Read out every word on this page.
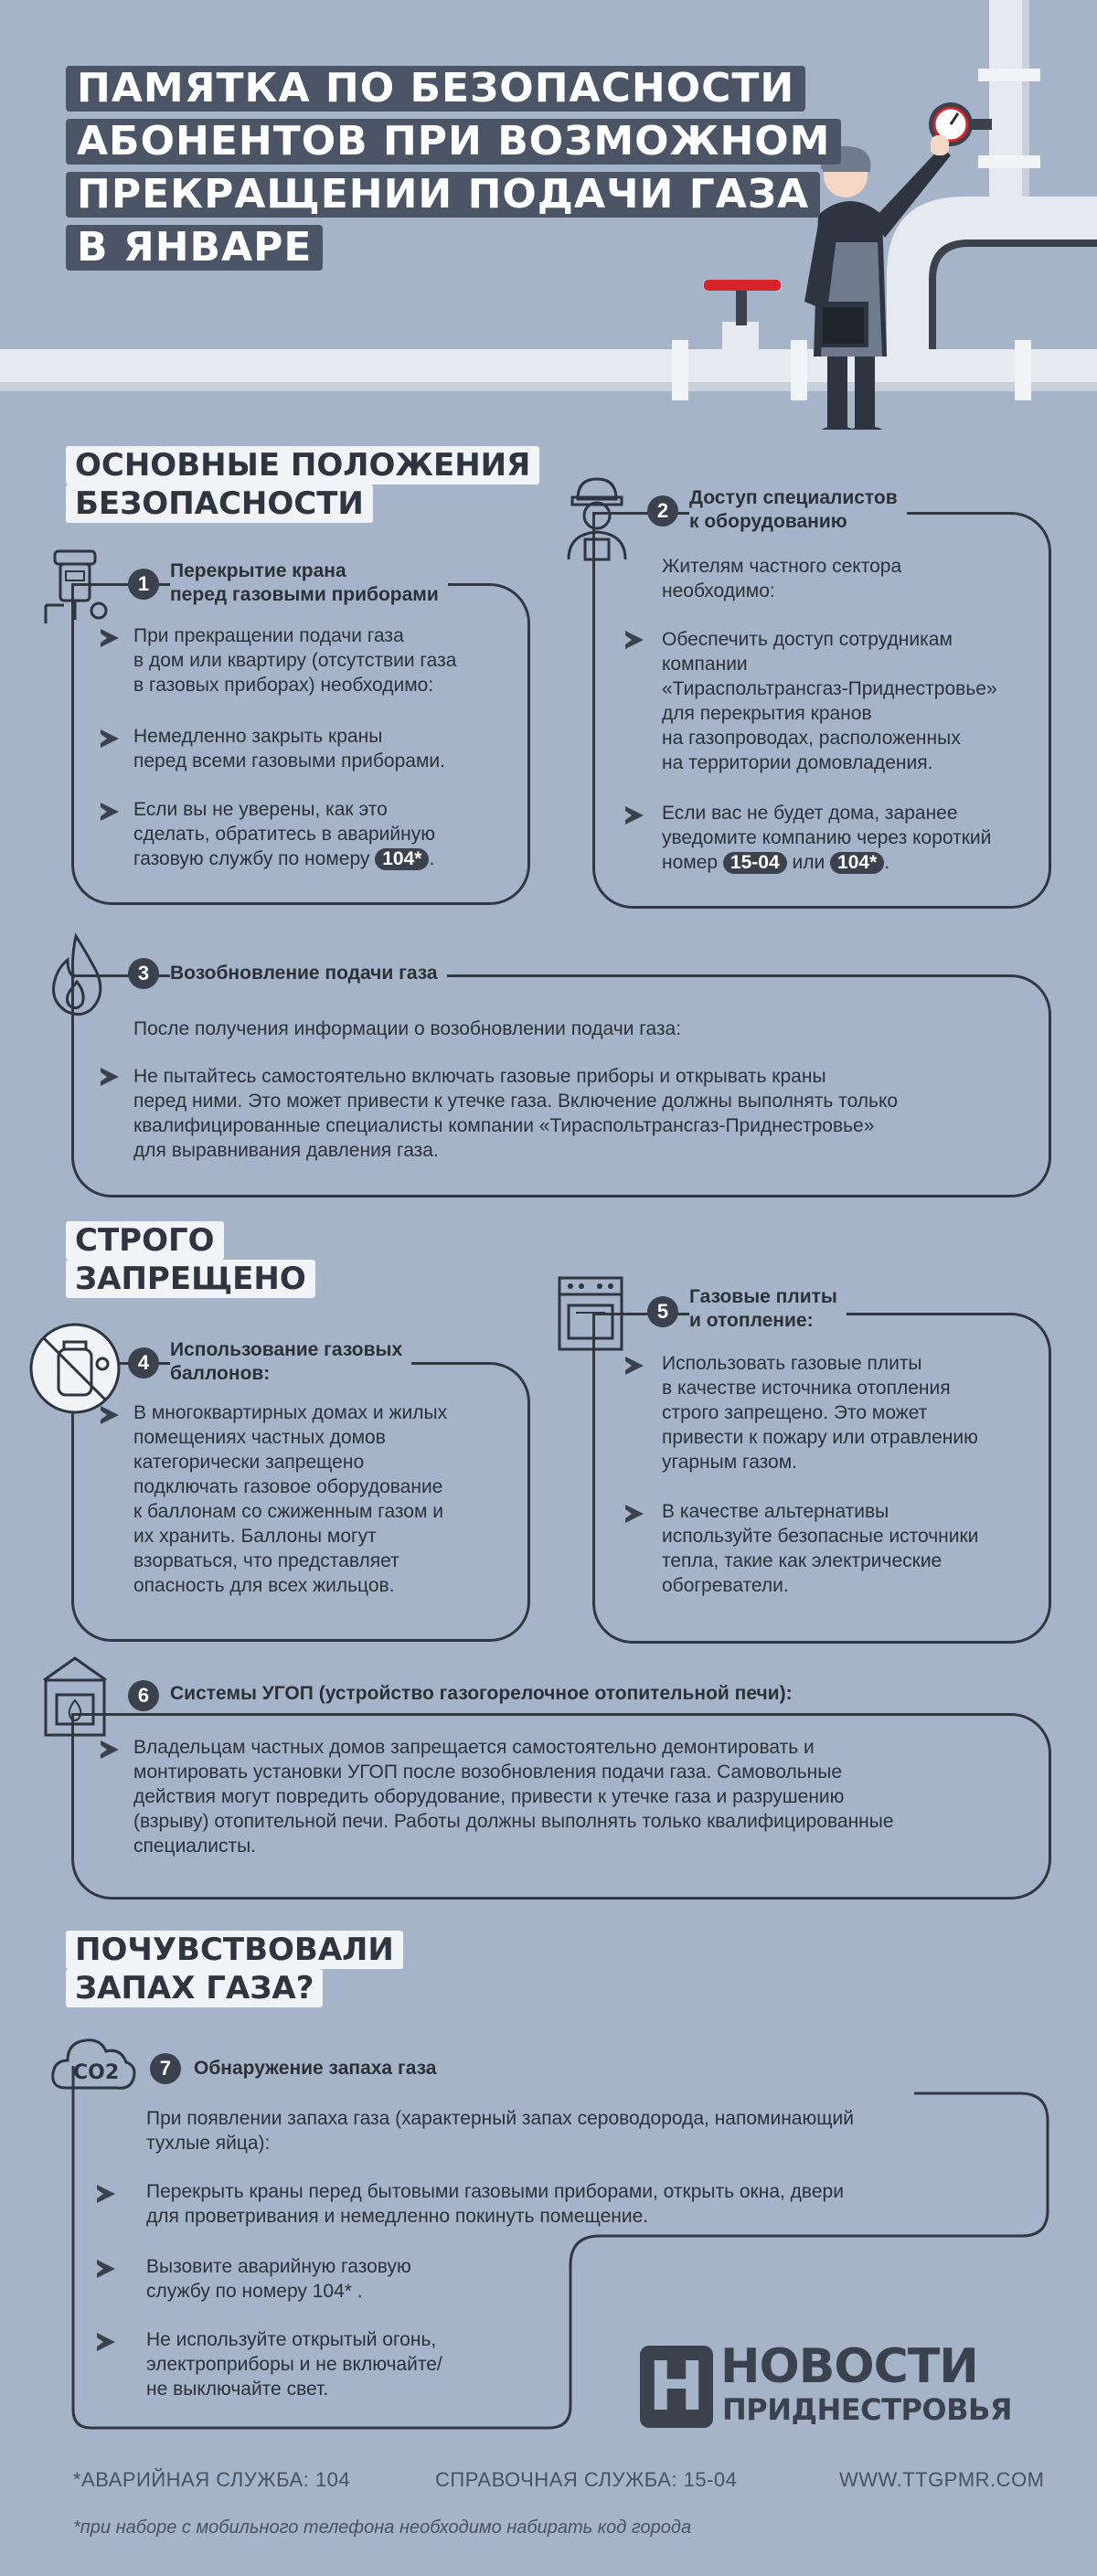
ПАМЯТКА ПО БЕЗОПАСНОСТИ
АБОНЕНТОВ ПРИ ВОЗМОЖНОМ
ПРЕКРАЩЕНИИ ПОДАЧИ ГАЗА
В ЯНВАРЕ
ОСНОВНЫЕ ПОЛОЖЕНИЯ
БЕЗОПАСНОСТИ
1
Перекрытие крана
перед газовыми приборами
При прекращении подачи газа
в дом или квартиру (отсутствии газа
в газовых приборах) необходимо:
Немедленно закрыть краны
перед всеми газовыми приборами.
Если вы не уверены, как это
сделать, обратитесь в аварийную
газовую службу по номеру 104* .
2
Доступ специалистов
к оборудованию
Жителям частного сектора
необходимо:
Обеспечить доступ сотрудникам
компании
«Тираспольтрансгаз-Приднестровье»
для перекрытия кранов
на газопроводах, расположенных
на территории домовладения.
Если вас не будет дома, заранее
уведомите компанию через короткий
номер 15-04 или 104* .
3	Возобновление подачи газа
После получения информации о возобновлении подачи газа:
Не пытайтесь самостоятельно включать газовые приборы и открывать краны
перед ними. Это может привести к утечке газа. Включение должны выполнять только
квалифицированные специалисты компании «Тираспольтрансгаз-Приднестровье»
для выравнивания давления газа.
СТРОГО
ЗАПРЕЩЕНО
4
Использование газовых
баллонов:
В многоквартирных домах и жилых
помещениях частных домов
категорически запрещено
подключать газовое оборудование
к баллонам со сжиженным газом и
их хранить. Баллоны могут
взорваться, что представляет
опасность для всех жильцов.
5
Газовые плиты
и отопление:
Использовать газовые плиты
в качестве источника отопления
строго запрещено. Это может
привести к пожару или отравлению
угарным газом.
В качестве альтернативы
используйте безопасные источники
тепла, такие как электрические
обогреватели.
6	Системы УГОП (устройство газогорелочное отопительной печи):
Владельцам частных домов запрещается самостоятельно демонтировать и
монтировать установки УГОП после возобновления подачи газа. Самовольные
действия могут повредить оборудование, привести к утечке газа и разрушению
(взрыву) отопительной печи. Работы должны выполнять только квалифицированные
специалисты.
ПОЧУВСТВОВАЛИ
ЗАПАХ ГАЗА?
CO2	7	Обнаружение запаха газа
При появлении запаха газа (характерный запах сероводорода, напоминающий
тухлые яйца):
Перекрыть краны перед бытовыми газовыми приборами, открыть окна, двери
для проветривания и немедленно покинуть помещение.
Вызовите аварийную газовую
службу по номеру 104* .
Не используйте открытый огонь,
электроприборы и не включайте/
не выключайте свет.	Н НОВОСТИ
ПРИДНЕСТРОВЬЯ
*АВАРИЙНАЯ СЛУЖБА: 104	СПРАВОЧНАЯ СЛУЖБА: 15-04	WWW.TTGPMR.COM
*при наборе с мобильного телефона необходимо набирать код города
